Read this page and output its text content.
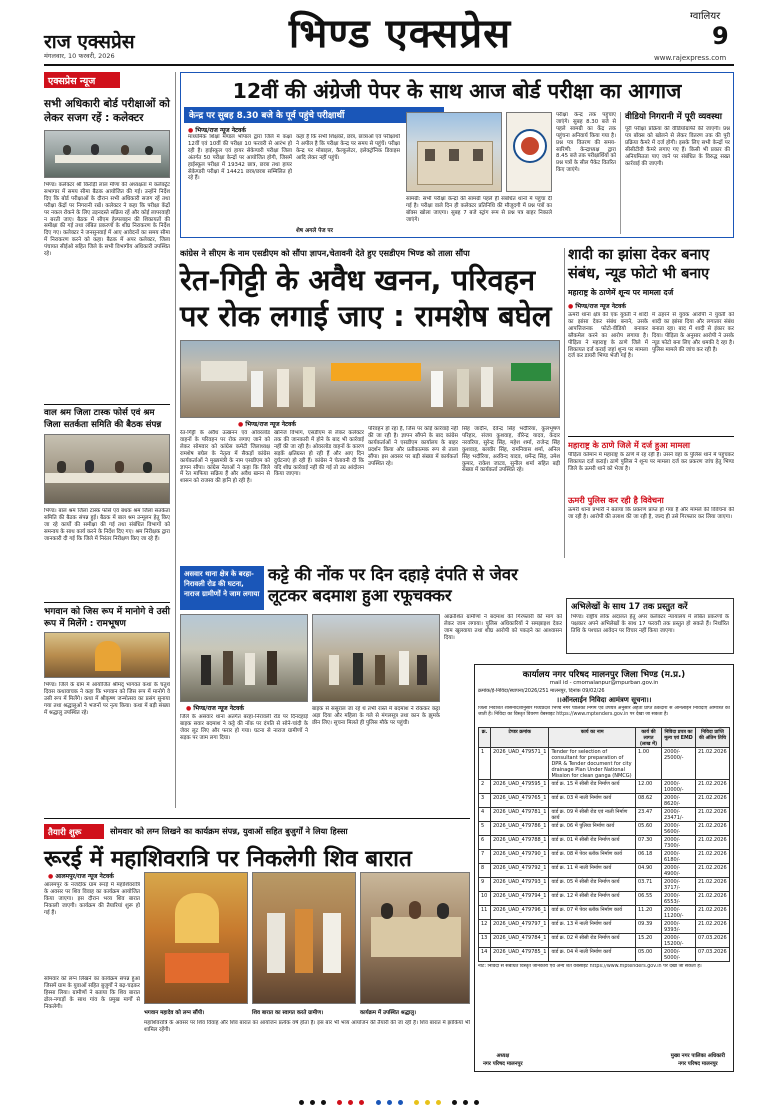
राज एक्सप्रेस
मंगलवार, 10 फरवरी, 2026	भिण्ड एक्सप्रेस	ग्वालियर
9
www.rajexpress.com
एक्सप्रेस न्यूज
सभी अधिकारी बोर्ड परीक्षाओं को लेकर सजग रहें : कलेक्टर
भिण्ड। कलेक्टर श्री किरोड़ी लाल मीणा की अध्यक्षता में कलेक्ट्रेट सभागार में समय सीमा बैठक आयोजित की गई। उन्होंने निर्देश दिए कि बोर्ड परीक्षाओं के दौरान सभी अधिकारी सजग रहें तथा परीक्षा केंद्रों पर निगरानी रखें। कलेक्टर ने कहा कि परीक्षा केंद्रों पर नकल रोकने के लिए उड़नदस्ते सक्रिय रहें और कोई लापरवाही न बरती जाए। बैठक में सीएम हेल्पलाइन की शिकायतों की समीक्षा की गई तथा लंबित प्रकरणों के शीघ्र निराकरण के निर्देश दिए गए। कलेक्टर ने जनसुनवाई में आए आवेदनों का समय सीमा में निराकरण करने को कहा। बैठक में अपर कलेक्टर, जिला पंचायत सीईओ सहित जिले के सभी विभागीय अधिकारी उपस्थित रहे।
वाल श्रम जिला टास्क फोर्स एवं श्रम जिला सतर्कता समिति की बैठक संपन्न
भिण्ड। बाल श्रम जिला टास्क फोर्स एवं बंधक श्रम जिला सतर्कता समिति की बैठक संपन्न हुई। बैठक में बाल श्रम उन्मूलन हेतु किए जा रहे कार्यों की समीक्षा की गई तथा संबंधित विभागों को समन्वय के साथ कार्य करने के निर्देश दिए गए। श्रम निरीक्षक द्वारा जानकारी दी गई कि जिले में निरंतर निरीक्षण किए जा रहे हैं।
भगवान को जिस रूप में मानोगे वे उसी रूप में मिलेंगे : रामभूषण
भिण्ड। जिले के ग्राम में आयोजित श्रीमद् भागवत कथा के चतुर्थ दिवस कथावाचक ने कहा कि भगवान को जिस रूप में मानोगे वे उसी रूप में मिलेंगे। कथा में श्रीकृष्ण जन्मोत्सव का प्रसंग सुनाया गया तथा श्रद्धालुओं ने भजनों पर नृत्य किया। कथा में बड़ी संख्या में श्रद्धालु उपस्थित रहे।
12वीं की अंग्रेजी पेपर के साथ आज बोर्ड परीक्षा का आगाज
केन्द्र पर सुबह 8.30 बजे के पूर्व पहुंचे परीक्षार्थी
● भिण्ड/राज न्यूज नेटवर्क
माध्यमिक शिक्षा मण्डल भोपाल द्वारा जिले में कक्षा 12वीं एवं 10वीं की परीक्षा 10 फरवरी से आरंभ हो रही है। हाईस्कूल एवं हायर सेकेण्डरी परीक्षा जिला अंतर्गत 50 परीक्षा केन्द्रों पर आयोजित होगी, जिसमें हाईस्कूल परीक्षा में 19342 छात्र, छात्रा तथा हायर सेकेण्डरी परीक्षा में 14421 छात्र/छात्रा सम्मिलित हो रहे हैं।
कहा है कि सभी शिक्षकों, छात्र, छात्राओं एवं परीक्षार्थी ने अपील है कि परीक्षा केन्द्र पर समय से पहुंचें। परीक्षा केन्द्र पर मोबाइल, कैल्कुलेटर, इलेक्ट्रॉनिक डिवाइस आदि लेकर नहीं पहुंचें।
शेष अगले पेज पर
सामग्री: सभी परीक्षा केन्द्रों की सामग्री पहले ही संबंधित थानों में पहुंचा दी गई है। परीक्षा वाले दिन ही कलेक्टर प्रतिनिधि की मौजूदगी में प्रश्न पत्रों का बॉक्स खोला जाएगा। सुबह 7 बजे स्ट्रांग रूम से प्रश्न पत्र बाहर निकाले जाएंगे।
परीक्षा केन्द्र तक पहुंचाए जाएंगे। सुबह 8.30 बजे से पहले सामग्री का केंद्र तक पहुंचना अनिवार्य किया गया है। प्रश्न पत्र वितरण की समय-सारिणी: केन्द्राध्यक्ष द्वारा 8.45 बजे तक परीक्षार्थियों को प्रश्न पत्रों के सील पैकेट वितरित किए जाएंगे।
वीडियो निगरानी में पूरी व्यवस्था
पूरी परीक्षा प्रक्रिया की वीडियोग्राफी की जाएगी। प्रश्न पत्र बॉक्स को खोलने से लेकर वितरण तक की पूरी प्रक्रिया कैमरे में दर्ज होगी। इसके लिए सभी केन्द्रों पर सीसीटीवी कैमरे लगाए गए हैं। किसी भी प्रकार की अनियमितता पाए जाने पर संबंधित के विरुद्ध सख्त कार्रवाई की जाएगी।
कांग्रेस ने सीएम के नाम एसडीएम को सौंपा ज्ञापन,चेतावनी देते हुए एसडीएम भिण्ड को ताला सौंपा
रेत-गिट्टी के अवैध खनन, परिवहन पर रोक लगाई जाए : रामशेष बघेल
● भिण्ड/राज न्यूज नेटवर्क
रेत-गिट्टी के अवैध उत्खनन एवं ओवरलोड वाहनों के परिवहन पर रोक लगाए जाने को लेकर सोमवार को कांग्रेस कमेटी जिलाध्यक्ष रामशेष बघेल के नेतृत्व में सैकड़ों कांग्रेस कार्यकर्ताओं ने मुख्यमंत्री के नाम एसडीएम को ज्ञापन सौंपा। कांग्रेस नेताओं ने कहा कि जिले में रेत माफिया सक्रिय हैं और अवैध खनन से शासन को राजस्व की हानि हो रही है।
खनिज विभाग, एसडीएम से लेकर कलेक्टर तक की जानकारी में होने के बाद भी कार्रवाई नहीं की जा रही है। ओवरलोड वाहनों के कारण सड़कें क्षतिग्रस्त हो रही हैं और आए दिन दुर्घटनाएं हो रही हैं। कांग्रेस ने चेतावनी दी कि यदि शीघ्र कार्रवाई नहीं की गई तो उग्र आंदोलन किया जाएगा।
परिवहन हो रहा है, जिस पर कोई कार्रवाई नहीं की जा रही है। ज्ञापन सौंपने के बाद कांग्रेस कार्यकर्ताओं ने एसडीएम कार्यालय के बाहर प्रदर्शन किया और प्रतीकात्मक रूप से ताला सौंपा। इस अवसर पर बड़ी संख्या में कार्यकर्ता उपस्थित रहे।
सिंह जादौन, देवेन्द्र सिंह भदौरिया, कुलभूषण परिहार, संजय कुशवाह, वीरेन्द्र यादव, केदार नरवरिया, सुरेन्द्र सिंह, महेश शर्मा, राजेन्द्र सिंह कुशवाह, बलवीर सिंह, रामनिवास शर्मा, अनिल सिंह भदौरिया, अरविन्द यादव, धर्मेन्द्र सिंह, उमेश कुमार, राकेश जाटव, सुनील शर्मा सहित बड़ी संख्या में कार्यकर्ता उपस्थित रहे।
शादी का झांसा देकर बनाए संबंध, न्यूड फोटो भी बनाए
महाराष्ट्र के ठाणेमें शून्य पर मामला दर्ज
● भिण्ड/राज न्यूज नेटवर्क
ऊमरी थाना क्षेत्र की एक युवती ने शादी का झांसा देकर संबंध बनाने, उसके आपत्तिजनक फोटो-वीडियो बनाकर ब्लैकमेल करने का आरोप लगाया है। पीड़िता ने महाराष्ट्र के ठाणे जिले में शिकायत दर्ज कराई जहां शून्य पर मामला दर्ज कर डायरी भिण्ड भेजी गई है।
में ठहरने से युवक आरोपी ने युवती को शादी का झांसा दिया और लगातार संबंध बनाता रहा। बाद में शादी से इंकार कर दिया। पीड़िता के अनुसार आरोपी ने उसके न्यूड फोटो बना लिए और धमकी दे रहा है। पुलिस मामले की जांच कर रही है।
महाराष्ट्र के ठाणे जिले में दर्ज हुआ मामला
पीड़िता वर्तमान में महाराष्ट्र के ठाणे में रह रही है। उसने वहां के पुलिस थाने में पहुंचकर शिकायत दर्ज कराई। ठाणे पुलिस ने शून्य पर मामला दर्ज कर प्रकरण जांच हेतु भिण्ड जिले के ऊमरी थाने को भेजा है।
ऊमरी पुलिस कर रही है विवेचना
ऊमरी थाना प्रभारी ने बताया कि प्रकरण प्राप्त हो गया है और मामले की विवेचना की जा रही है। आरोपी की तलाश की जा रही है, जल्द ही उसे गिरफ्तार कर लिया जाएगा।
अभिलेखों के साथ 17 तक प्रस्तुत करें
भिण्ड। राष्ट्रीय लोक अदालत हेतु अपर कलेक्टर न्यायालय में लंबित प्रकरणों के पक्षकार अपने अभिलेखों के साथ 17 फरवरी तक प्रस्तुत हो सकते हैं। निर्धारित तिथि के पश्चात आवेदन पर विचार नहीं किया जाएगा।
असवार थाना क्षेत्र के बरहा-निरावली रोड की घटना, नाराज ग्रामीणों ने जाम लगाया
कट्टे की नोंक पर दिन दहाड़े दंपति से जेवर लूटकर बदमाश हुआ रफूचक्कर
● भिण्ड/राज न्यूज नेटवर्क
जिले के असवार थाना अंतर्गत बरहा-निरावली रोड पर दिनदहाड़े बाइक सवार बदमाश ने कट्टे की नोंक पर दंपति से सोने-चांदी के जेवर लूट लिए और फरार हो गया। घटना से नाराज ग्रामीणों ने सड़क पर जाम लगा दिया।
बाइक से ससुराल जा रहे थे तभी रास्ते में बदमाश ने रोककर कट्टा अड़ा दिया और महिला के गले से मंगलसूत्र तथा कान के झुमके छीन लिए। सूचना मिलते ही पुलिस मौके पर पहुंची।
आक्रोशित ग्रामीणों ने बदमाश की गिरफ्तारी की मांग को लेकर जाम लगाया। पुलिस अधिकारियों ने समझाइश देकर जाम खुलवाया तथा शीघ्र आरोपी को पकड़ने का आश्वासन दिया।
कार्यालय नगर परिषद मालनपुर जिला भिण्ड (म.प्र.)
mail id - cmomalanpur@mpurban.gov.in
क्रमांक/ई-निविदा/स्थापना/2026/251 मालनपुर, दिनांक 09/02/26
।।ऑनलाईन निविदा आमंत्रण सूचना।।
जिला निवेशित शासनादेशानुसार मध्यप्रदेश भिण्ड नगर पालिका निगम एवं उपयंत्र अनुसार अर्हता प्राप्त ठेकेदारों से ऑनलाईन निविदाएं आमंत्रित की जाती है। निविदा का विस्तृत विवरण वेबसाइट https://www.mptenders.gov.in पर देखा जा सकता है।
क्र.	टेण्डर क्रमांक	कार्य का नाम	कार्य की लागत (लाख में)	निविदा प्रपत्र का मूल्य एवं EMD	निविदा प्राप्ति की अंतिम तिथि
1	2026_UAD_479571_1	Tender for selection of consultant for preparation of DPR & Tender document for city drainage Plan Under National Mission for clean ganga (NMCG)	1.00	2000/- 25000/-	21.02.2026
2	2026_UAD_479595_1	वार्ड क्र. 15 में सीसी रोड निर्माण कार्य	12.00	2000/- 10000/-	21.02.2026
3	2026_UAD_479765_1	वार्ड क्र. 03 में नाली निर्माण कार्य	08.62	2000/- 8620/-	21.02.2026
4	2026_UAD_479781_1	वार्ड क्र. 09 में सीसी रोड एवं नाली निर्माण कार्य	23.47	2000/- 23471/-	21.02.2026
5	2026_UAD_479786_1	वार्ड क्र. 06 में पुलिया निर्माण कार्य	05.60	2000/- 5600/-	21.02.2026
6	2026_UAD_479788_1	वार्ड क्र. 01 में सीसी रोड निर्माण कार्य	07.30	2000/- 7300/-	21.02.2026
7	2026_UAD_479790_1	वार्ड क्र. 08 में पेवर ब्लॉक निर्माण कार्य	06.18	2000/- 6180/-	21.02.2026
8	2026_UAD_479792_1	वार्ड क्र. 11 में नाली निर्माण कार्य	04.90	2000/- 4900/-	21.02.2026
9	2026_UAD_479793_1	वार्ड क्र. 05 में सीसी रोड निर्माण कार्य	03.71	2000/- 3717/-	21.02.2026
10	2026_UAD_479794_1	वार्ड क्र. 12 में सीसी रोड निर्माण कार्य	06.55	2000/- 6553/-	21.02.2026
11	2026_UAD_479796_1	वार्ड क्र. 07 में पेवर ब्लॉक निर्माण कार्य	11.20	2000/- 11200/-	21.02.2026
12	2026_UAD_479797_1	वार्ड क्र. 13 में नाली निर्माण कार्य	09.39	2000/- 9393/-	21.02.2026
13	2026_UAD_479784_1	वार्ड क्र. 02 में सीसी रोड निर्माण कार्य	15.20	2000/- 15200/-	07.03.2026
14	2026_UAD_479785_1	वार्ड क्र. 04 में नाली निर्माण कार्य	05.00	2000/- 5000/-	07.03.2026
नोट: निविदा से संबंधित विस्तृत जानकारी एवं अन्य शर्तें वेबसाइट https://www.mptenders.gov.in पर देखी जा सकती हैं।
अध्यक्ष
नगर परिषद मालनपुर
मुख्य नगर पालिका अधिकारी
नगर परिषद मालनपुर
तैयारी शुरू	सोमवार को लग्न लिखने का कार्यक्रम संपन्न, युवाओं सहित बुजुर्गों ने लिया हिस्सा
रूरई में महाशिवरात्रि पर निकलेगी शिव बारात
● आलमपुर/राज न्यूज नेटवर्क
आलमपुर के नजदीक ग्राम रूरई में महाशिवरात्रि के अवसर पर शिव विवाह का कार्यक्रम आयोजित किया जाएगा। इस दौरान भव्य शिव बारात निकाली जाएगी। कार्यक्रम की तैयारियां शुरू हो गई हैं।
सोमवार को लग्न लिखने का कार्यक्रम संपन्न हुआ जिसमें ग्राम के युवाओं सहित बुजुर्गों ने बढ़-चढ़कर हिस्सा लिया। ग्रामीणों ने बताया कि शिव बारात ढोल-नगाड़ों के साथ गांव के प्रमुख मार्गों से निकलेगी।
भगवान महादेव को लग्न सौंपी।	शिव बारात का स्वागत करते ग्रामीण।	कार्यक्रम में उपस्थित श्रद्धालु।
महाशिवरात्रि के अवसर पर शिव विवाह और शिव बारात का आयोजन प्रत्येक वर्ष होता है। इस बार भी भव्य आयोजन की तैयारी की जा रही है। शिव बारात में झांकियां भी शामिल रहेंगी।
